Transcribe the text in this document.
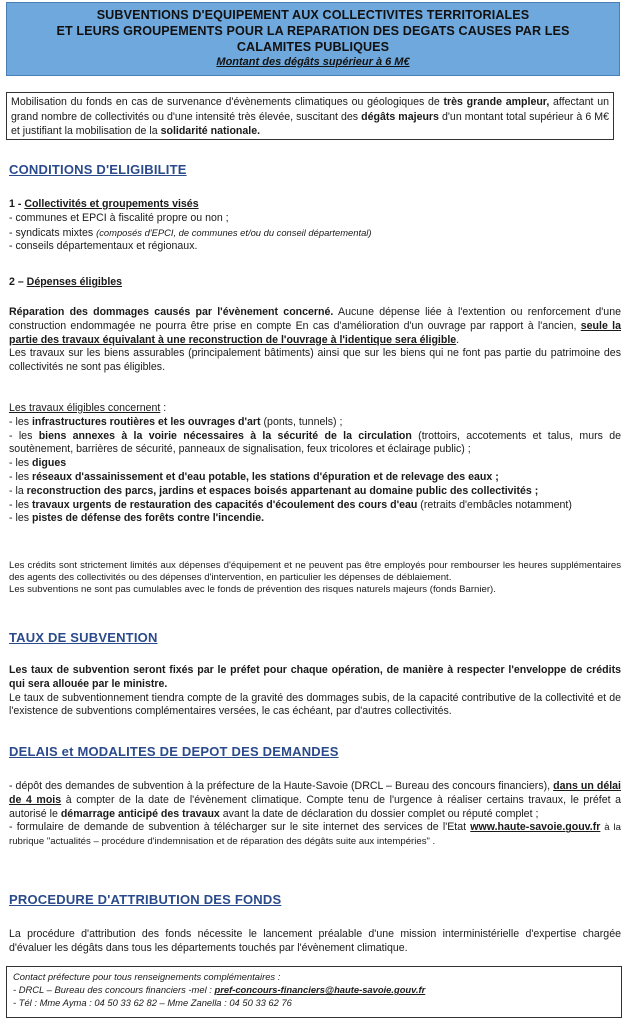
SUBVENTIONS D'EQUIPEMENT AUX COLLECTIVITES TERRITORIALES
ET LEURS GROUPEMENTS POUR LA REPARATION DES DEGATS CAUSES PAR LES
CALAMITES PUBLIQUES
Montant des dégâts supérieur à 6 M€
Mobilisation du fonds en cas de survenance d'évènements climatiques ou géologiques de très grande ampleur, affectant un grand nombre de collectivités ou d'une intensité très élevée, suscitant des dégâts majeurs d'un montant total supérieur à 6 M€ et justifiant la mobilisation de la solidarité nationale.
CONDITIONS D'ELIGIBILITE

1 - Collectivités et groupements visés

- communes et EPCI à fiscalité propre ou non ;

- syndicats mixtes (composés d'EPCI, de communes et/ou du conseil départemental)

- conseils départementaux et régionaux.

2 – Dépenses éligibles

Réparation des dommages causés par l'évènement concerné. Aucune dépense liée à l'extention ou renforcement d'une construction endommagée ne pourra être prise en compte En cas d'amélioration d'un ouvrage par rapport à l'ancien, seule la partie des travaux équivalant à une reconstruction de l'ouvrage à l'identique sera éligible.

Les travaux sur les biens assurables (principalement bâtiments) ainsi que sur les biens qui ne font pas partie du patrimoine des collectivités ne sont pas éligibles.

Les travaux éligibles concernent :

- les infrastructures routières et les ouvrages d'art (ponts, tunnels) ;

- les biens annexes à la voirie nécessaires à la sécurité de la circulation (trottoirs, accotements et talus, murs de soutènement, barrières de sécurité, panneaux de signalisation, feux tricolores et éclairage public) ;

- les digues

- les réseaux d'assainissement et d'eau potable, les stations d'épuration et de relevage des eaux ;

- la reconstruction des parcs, jardins et espaces boisés appartenant au domaine public des collectivités ;

- les travaux urgents de restauration des capacités d'écoulement des cours d'eau (retraits d'embâcles notamment)

- les pistes de défense des forêts contre l'incendie.

Les crédits sont strictement limités aux dépenses d'équipement et ne peuvent pas être employés pour rembourser les heures supplémentaires des agents des collectivités ou des dépenses d'intervention, en particulier les dépenses de déblaiement.

Les subventions ne sont pas cumulables avec le fonds de prévention des risques naturels majeurs (fonds Barnier).

TAUX DE SUBVENTION

Les taux de subvention seront fixés par le préfet pour chaque opération, de manière à respecter l'enveloppe de crédits qui sera allouée par le ministre.

Le taux de subventionnement tiendra compte de la gravité des dommages subis, de la capacité contributive de la collectivité et de l'existence de subventions complémentaires versées, le cas échéant, par d'autres collectivités.

DELAIS et MODALITES DE DEPOT DES DEMANDES

- dépôt des demandes de subvention à la préfecture de la Haute-Savoie (DRCL – Bureau des concours financiers), dans un délai de 4 mois à compter de la date de l'évènement climatique. Compte tenu de l'urgence à réaliser certains travaux, le préfet a autorisé le démarrage anticipé des travaux avant la date de déclaration du dossier complet ou réputé complet ;

- formulaire de demande de subvention à télécharger sur le site internet des services de l'Etat www.haute-savoie.gouv.fr à la rubrique "actualités – procédure d'indemnisation et de réparation des dégâts suite aux intempéries" .

PROCEDURE D'ATTRIBUTION DES FONDS

La procédure d'attribution des fonds nécessite le lancement préalable d'une mission interministérielle d'expertise chargée d'évaluer les dégâts dans tous les départements touchés par l'évènement climatique.

Contact préfecture pour tous renseignements complémentaires :
- DRCL – Bureau des concours financiers -mel : pref-concours-financiers@haute-savoie.gouv.fr
- Tél : Mme Ayma : 04 50 33 62 82 – Mme Zanella : 04 50 33 62 76
